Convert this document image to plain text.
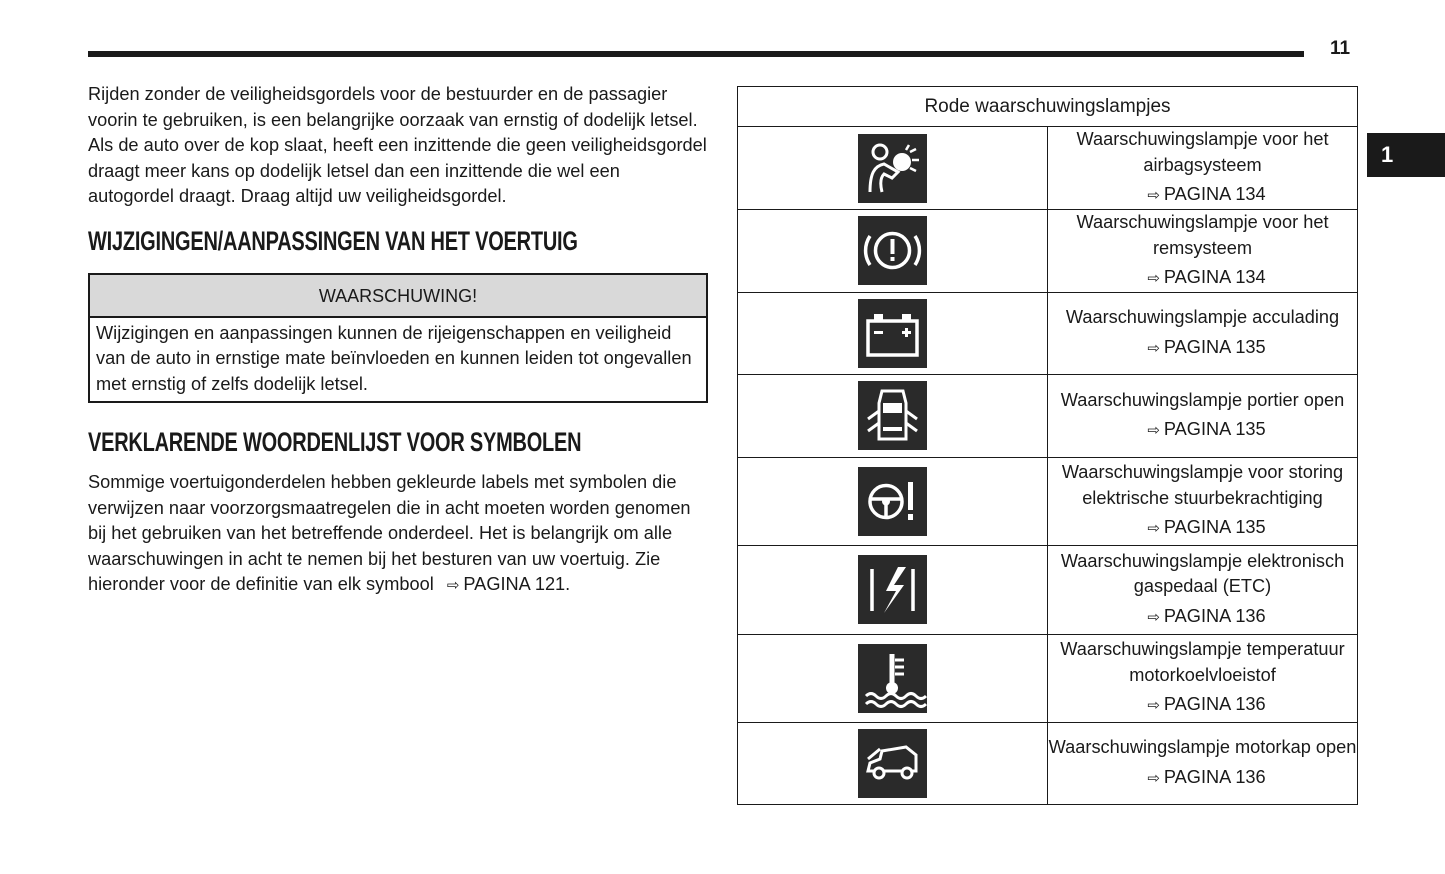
11
1

Rijden zonder de veiligheidsgordels voor de bestuurder en de passagier voorin te gebruiken, is een belangrijke oorzaak van ernstig of dodelijk letsel. Als de auto over de kop slaat, heeft een inzittende die geen veiligheidsgordel draagt meer kans op dodelijk letsel dan een inzittende die wel een autogordel draagt. Draag altijd uw veiligheidsgordel.

WIJZIGINGEN/AANPASSINGEN VAN HET VOERTUIG
WAARSCHUWING!
Wijzigingen en aanpassingen kunnen de rijeigenschappen en veiligheid van de auto in ernstige mate beïnvloeden en kunnen leiden tot ongevallen met ernstig of zelfs dodelijk letsel.
VERKLARENDE WOORDENLIJST VOOR SYMBOLEN

Sommige voertuigonderdelen hebben gekleurde labels met symbolen die verwijzen naar voorzorgsmaatregelen die in acht moeten worden genomen bij het gebruiken van het betreffende onderdeel. Het is belangrijk om alle waarschuwingen in acht te nemen bij het besturen van uw voertuig. Zie hieronder voor de definitie van elk symbool ⇨ PAGINA 121.

Rode waarschuwingslampjes	

Waarschuwingslampje voor het airbagsysteem
⇨ PAGINA 134

Waarschuwingslampje voor het remsysteem
⇨ PAGINA 134

Waarschuwingslampje acculading
⇨ PAGINA 135

Waarschuwingslampje portier open
⇨ PAGINA 135

Waarschuwingslampje voor storing elektrische stuurbekrachtiging
⇨ PAGINA 135

Waarschuwingslampje elektronisch gaspedaal (ETC)
⇨ PAGINA 136

Waarschuwingslampje temperatuur motorkoelvloeistof
⇨ PAGINA 136

Waarschuwingslampje motorkap open
⇨ PAGINA 136
